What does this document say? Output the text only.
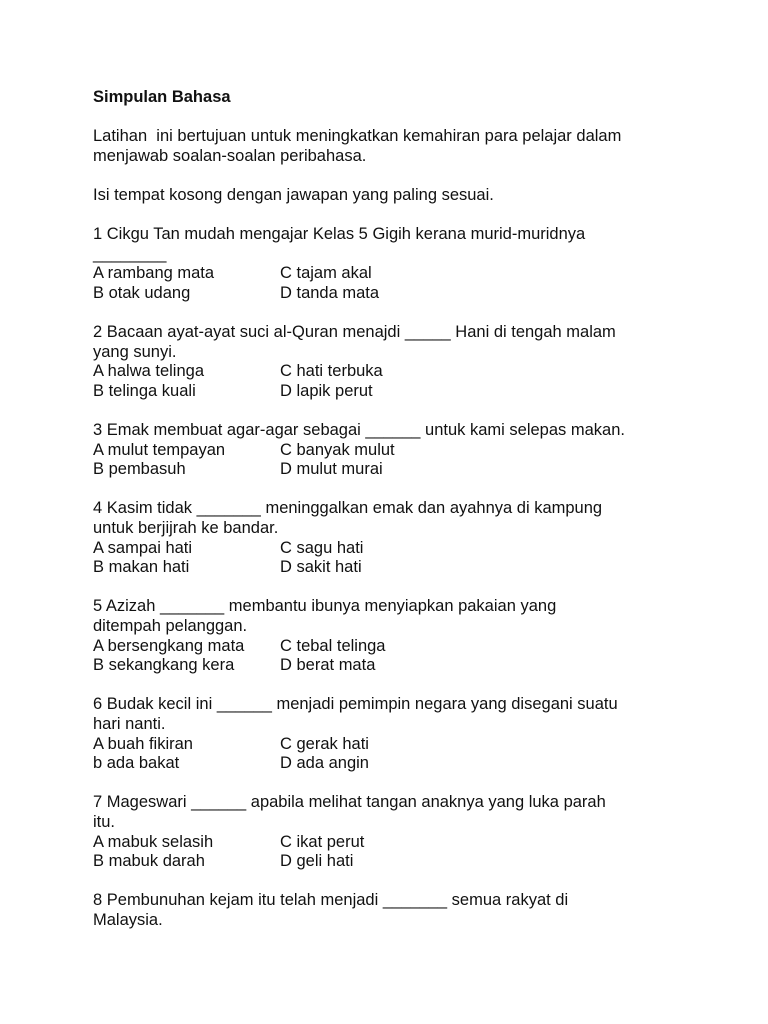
Simpulan Bahasa
Latihan  ini bertujuan untuk meningkatkan kemahiran para pelajar dalam
menjawab soalan-soalan peribahasa.
Isi tempat kosong dengan jawapan yang paling sesuai.
1 Cikgu Tan mudah mengajar Kelas 5 Gigih kerana murid-muridnya
________
A rambang mata	C tajam akal
B otak udang	D tanda mata
2 Bacaan ayat-ayat suci al-Quran menajdi _____ Hani di tengah malam
yang sunyi.
A halwa telinga	C hati terbuka
B telinga kuali	D lapik perut
3 Emak membuat agar-agar sebagai ______ untuk kami selepas makan.
A mulut tempayan	C banyak mulut
B pembasuh	D mulut murai
4 Kasim tidak _______ meninggalkan emak dan ayahnya di kampung
untuk berjijrah ke bandar.
A sampai hati	C sagu hati
B makan hati	D sakit hati
5 Azizah _______ membantu ibunya menyiapkan pakaian yang
ditempah pelanggan.
A bersengkang mata	C tebal telinga
B sekangkang kera	D berat mata
6 Budak kecil ini ______ menjadi pemimpin negara yang disegani suatu
hari nanti.
A buah fikiran	C gerak hati
b ada bakat	D ada angin
7 Mageswari ______ apabila melihat tangan anaknya yang luka parah
itu.
A mabuk selasih	C ikat perut
B mabuk darah	D geli hati
8 Pembunuhan kejam itu telah menjadi _______ semua rakyat di
Malaysia.
